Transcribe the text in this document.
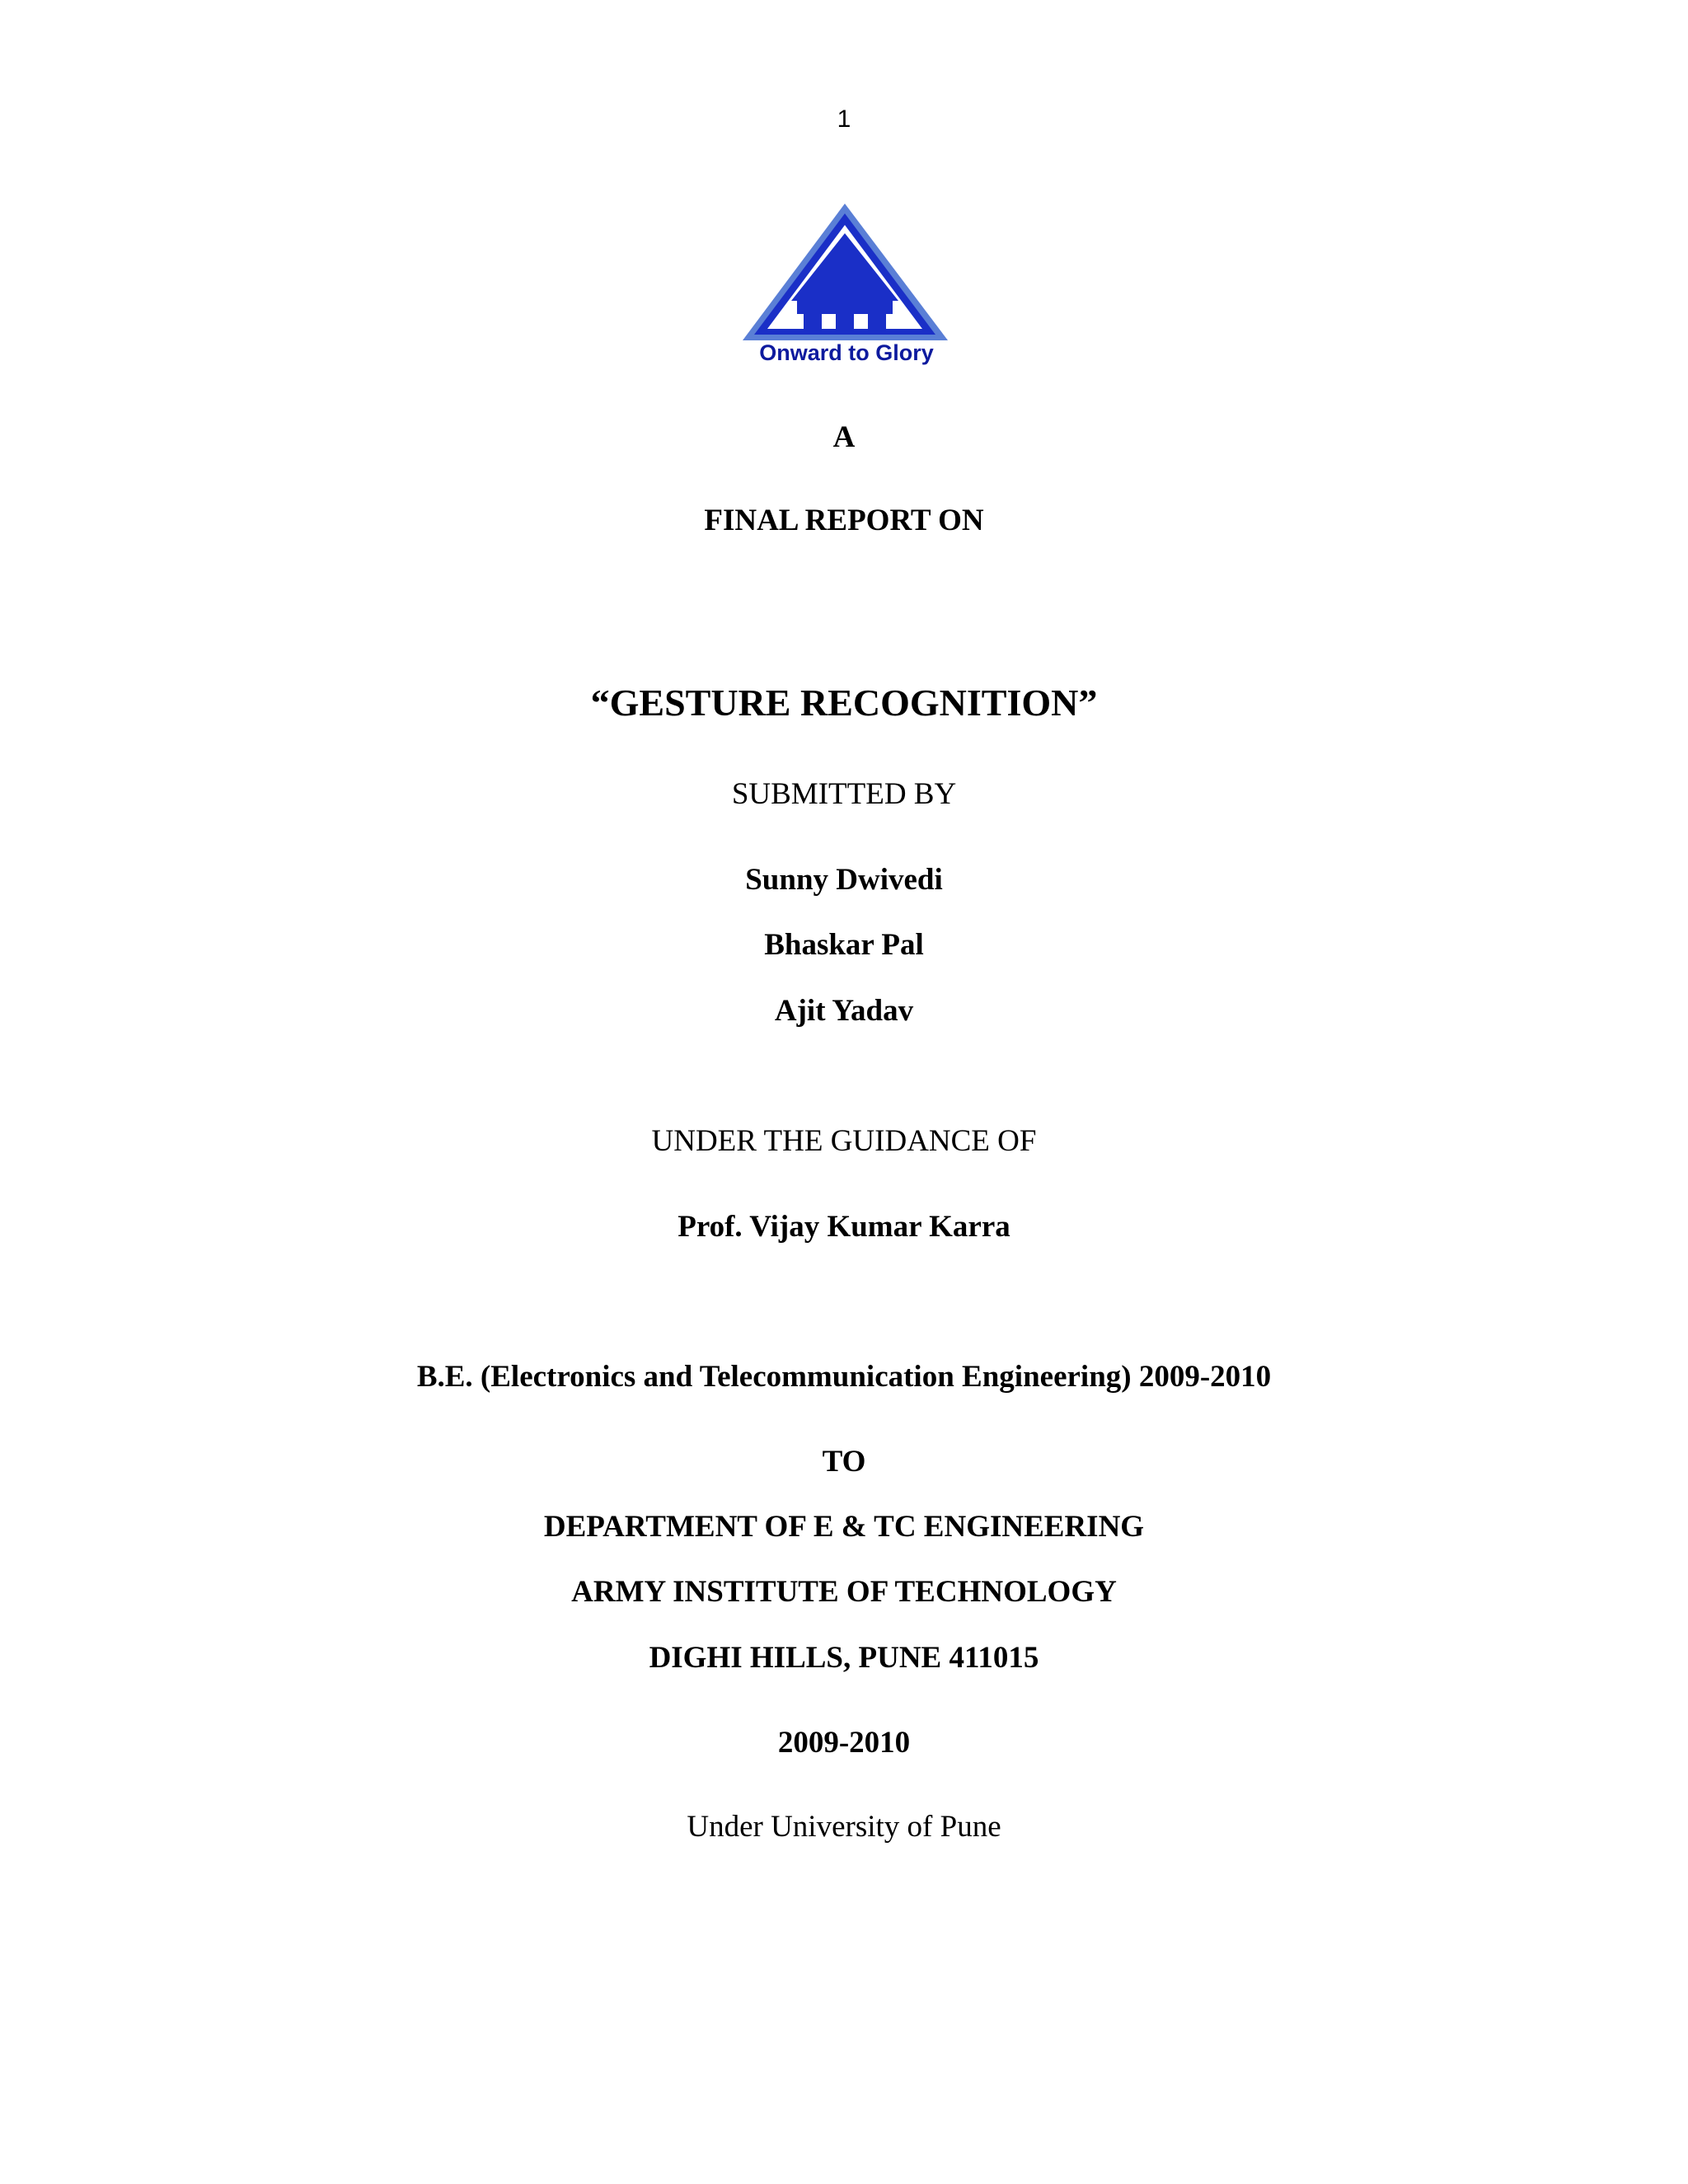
1
Onward to Glory
A
FINAL REPORT ON
“GESTURE RECOGNITION”
SUBMITTED BY
Sunny Dwivedi
Bhaskar Pal
Ajit Yadav
UNDER THE GUIDANCE OF
Prof. Vijay Kumar Karra
B.E. (Electronics and Telecommunication Engineering) 2009-2010
TO
DEPARTMENT OF E & TC ENGINEERING
ARMY INSTITUTE OF TECHNOLOGY
DIGHI HILLS, PUNE 411015
2009-2010
Under University of Pune
